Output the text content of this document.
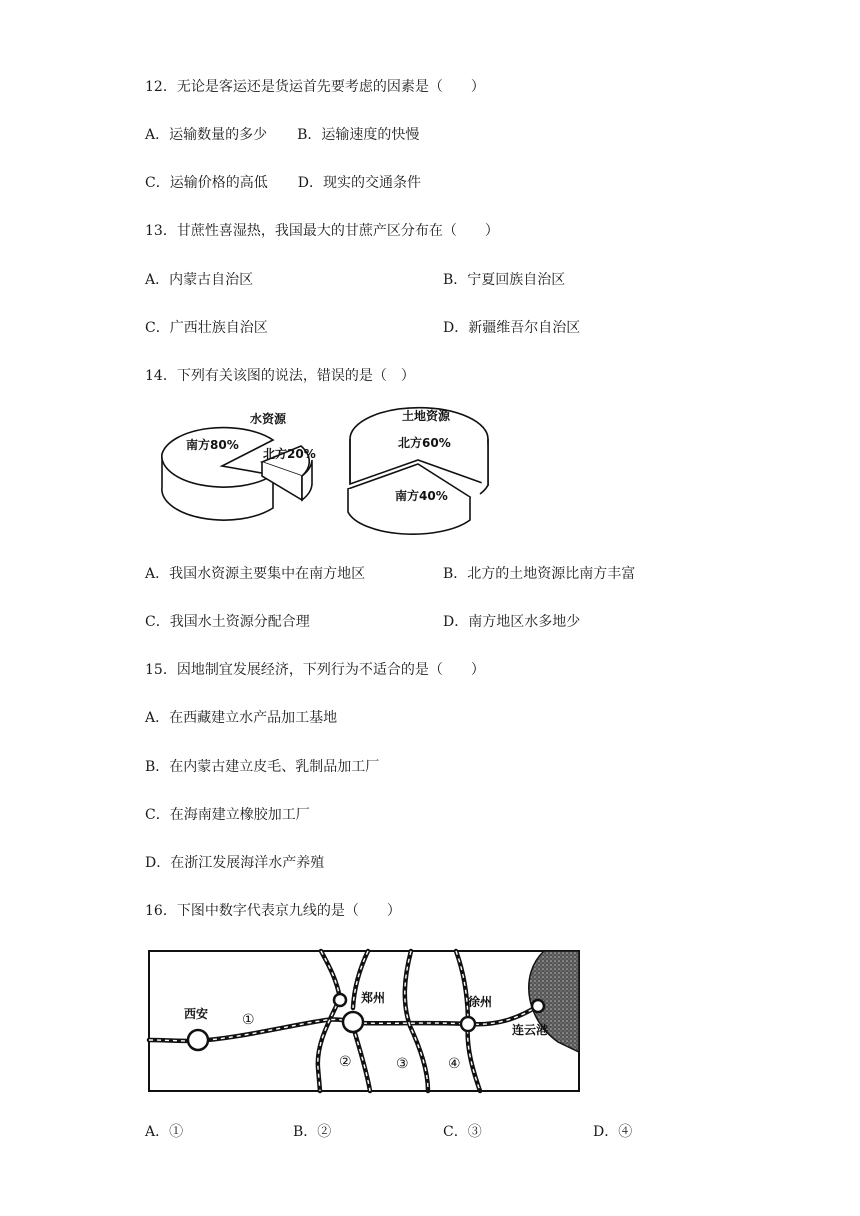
12．无论是客运还是货运首先要考虑的因素是（　　）
A．运输数量的多少 B．运输速度的快慢
C．运输价格的高低 D．现实的交通条件
13．甘蔗性喜湿热，我国最大的甘蔗产区分布在（　　）
A．内蒙古自治区	B．宁夏回族自治区
C．广西壮族自治区	D．新疆维吾尔自治区
14．下列有关该图的说法，错误的是（　）
水资源
南方80%
北方20%
土地资源
北方60%
南方40%
A．我国水资源主要集中在南方地区	B．北方的土地资源比南方丰富
C．我国水土资源分配合理	D．南方地区水多地少
15．因地制宜发展经济，下列行为不适合的是（　　）
A．在西藏建立水产品加工基地
B．在内蒙古建立皮毛、乳制品加工厂
C．在海南建立橡胶加工厂
D．在浙江发展海洋水产养殖
16．下图中数字代表京九线的是（　　）
西安
郑州	徐州
连云港
①
②	③	④
A．①	B．②	C．③	D．④
